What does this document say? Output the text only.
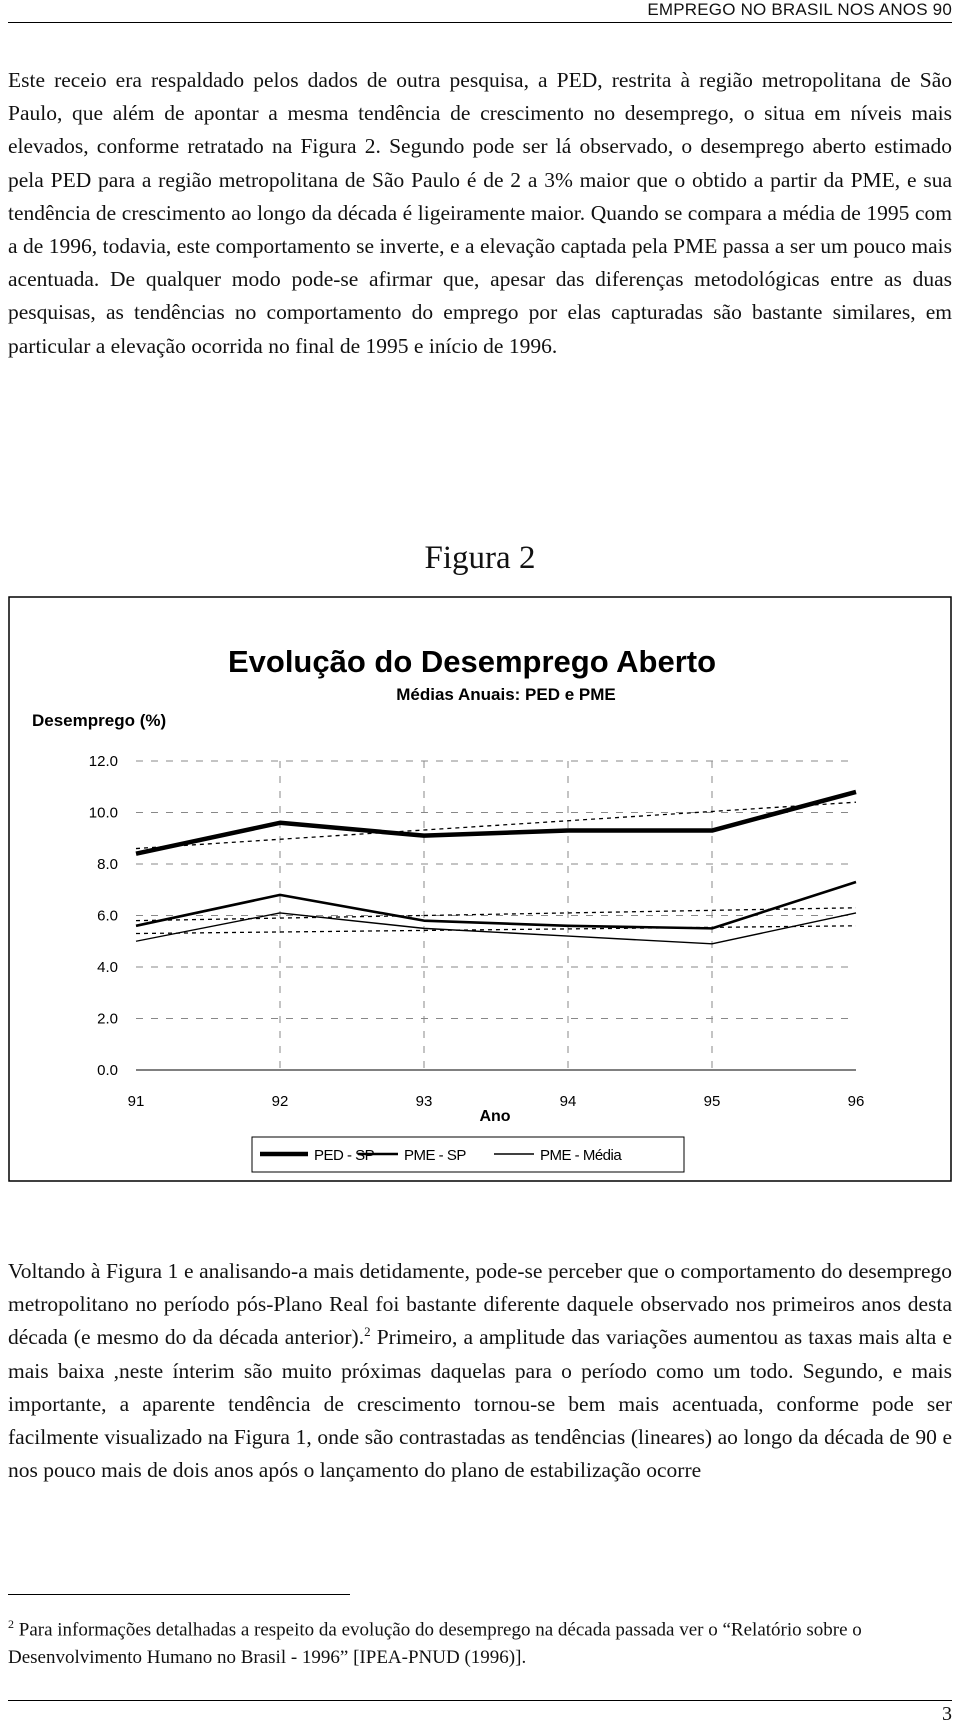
EMPREGO NO BRASIL NOS ANOS 90

Este receio era respaldado pelos dados de outra pesquisa, a PED, restrita à região metropolitana de São Paulo, que além de apontar a mesma tendência de crescimento no desemprego, o situa em níveis mais elevados, conforme retratado na Figura 2. Segundo pode ser lá observado, o desemprego aberto estimado pela PED para a região metropolitana de São Paulo é de 2 a 3% maior que o obtido a partir da PME, e sua tendência de crescimento ao longo da década é ligeiramente maior. Quando se compara a média de 1995 com a de 1996, todavia, este comportamento se inverte, e a elevação captada pela PME passa a ser um pouco mais acentuada. De qualquer modo pode-se afirmar que, apesar das diferenças metodológicas entre as duas pesquisas, as tendências no comportamento do emprego por elas capturadas são bastante similares, em particular a elevação ocorrida no final de 1995 e início de 1996.

Figura 2
Evolução do Desemprego Aberto
Médias Anuais: PED e PME
Desemprego (%)
Ano
12.0
10.0
8.0
6.0
4.0
2.0
0.0
91	92	93	94	95	96
PED - SP PME - SP	PME - Média

Voltando à Figura 1 e analisando-a mais detidamente, pode-se perceber que o comportamento do desemprego metropolitano no período pós-Plano Real foi bastante diferente daquele observado nos primeiros anos desta década (e mesmo do da década anterior).$^2$ Primeiro, a amplitude das variações aumentou as taxas mais alta e mais baixa ,neste ínterim são muito próximas daquelas para o período como um todo. Segundo, e mais importante, a aparente tendência de crescimento tornou-se bem mais acentuada, conforme pode ser facilmente visualizado na Figura 1, onde são contrastadas as tendências (lineares) ao longo da década de 90 e nos pouco mais de dois anos após o lançamento do plano de estabilização ocorre

$^2$ Para informações detalhadas a respeito da evolução do desemprego na década passada ver o “Relatório sobre o Desenvolvimento Humano no Brasil - 1996” [IPEA-PNUD (1996)].

3
